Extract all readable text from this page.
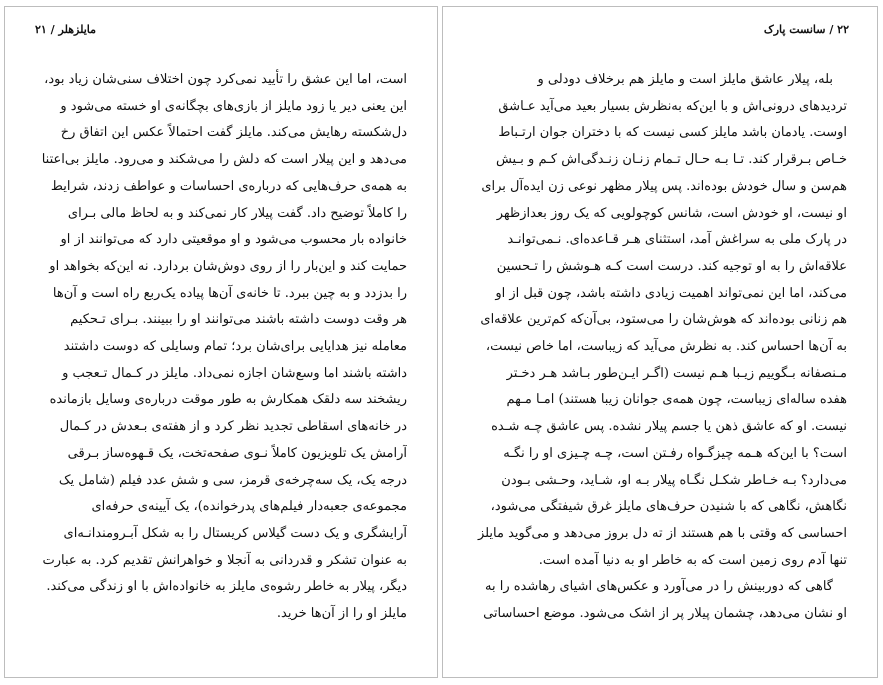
مایلزهلر / ۲۱
است، اما این عشق را تأیید نمی‌کرد چون اختلاف سنی‌شان زیاد بود،
این یعنی دیر یا زود مایلز از بازی‌های بچگانه‌ی او خسته می‌شود و
دل‌شکسته رهایش می‌کند. مایلز گفت احتمالاً عکس این اتفاق رخ
می‌دهد و این پیلار است که دلش را می‌شکند و می‌رود. مایلز بی‌اعتنا
به همه‌ی حرف‌هایی که درباره‌ی احساسات و عواطف زدند، شرایط
را کاملاً توضیح داد. گفت پیلار کار نمی‌کند و به لحاظ مالی بـرای
خانواده بار محسوب می‌شود و او موقعیتی دارد که می‌توانند از او
حمایت کند و این‌بار را از روی دوش‌شان بردارد. نه این‌که بخواهد او
را بدزدد و به چین ببرد. تا خانه‌ی آن‌ها پیاده یک‌ربع راه است و آن‌ها
هر وقت دوست داشته باشند می‌توانند او را ببینند. بـرای تـحکیم
معامله نیز هدایایی برای‌شان برد؛ تمام وسایلی که دوست داشتند
داشته باشند اما وسع‌شان اجازه نمی‌داد. مایلز در کـمال تـعجب و
ریشخند سه دلقک همکارش به طور موقت درباره‌ی وسایل بازمانده
در خانه‌های اسقاطی تجدید نظر کرد و از هفته‌ی بـعدش در کـمال
آرامش یک تلویزیون کاملاً نـوی صفحه‌تخت، یک قـهوه‌ساز بـرقی
درجه یک، یک سه‌چرخه‌ی قرمز، سی و شش عدد فیلم (شامل یک
مجموعه‌ی جعبه‌دار فیلم‌های پدرخوانده)، یک آیینه‌ی حرفه‌ای
آرایشگری و یک دست گیلاس کریستال را به شکل آبـرومندانـه‌ای
به عنوان تشکر و قدردانی به آنجلا و خواهرانش تقدیم کرد. به عبارت
دیگر، پیلار به خاطر رشوه‌ی مایلز به خانواده‌اش با او زندگی می‌کند.
مایلز او را از آن‌ها خرید.
۲۲ / سانست پارک
بله، پیلار عاشق مایلز است و مایلز هم برخلاف دودلی و
تردیدهای درونی‌اش و با این‌که به‌نظرش بسیار بعید می‌آید عـاشق
اوست. یادمان باشد مایلز کسی نیست که با دختران جوان ارتـباط
خـاص بـرقرار کند. تـا بـه حـال تـمام زنـان زنـدگی‌اش کـم و بـیش
هم‌سن و سال خودش بوده‌اند. پس پیلار مظهر نوعی زن ایده‌آل برای
او نیست، او خودش است، شانس کوچولویی که یک روز بعدازظهر
در پارک ملی به سراغش آمد، استثنای هـر قـاعده‌ای. نـمی‌توانـد
علاقه‌اش را به او توجیه کند. درست است کـه هـوشش را تـحسین
می‌کند، اما این نمی‌تواند اهمیت زیادی داشته باشد، چون قبل از او
هم زنانی بوده‌اند که هوش‌شان را می‌ستود، بی‌آن‌که کم‌ترین علاقه‌ای
به آن‌ها احساس کند. به نظرش می‌آید که زیباست، اما خاص نیست،
مـنصفانه بـگوییم زیـبا هـم نیست (اگـر ایـن‌طور بـاشد هـر دخـتر
هفده ساله‌ای زیباست، چون همه‌ی جوانان زیبا هستند) امـا مـهم
نیست. او که عاشق ذهن یا جسم پیلار نشده. پس عاشق چـه شـده
است؟ با این‌که هـمه چیزگـواه رفـتن است، چـه چـیزی او را نگـه
می‌دارد؟ بـه خـاطر شکـل نگـاه پیلار بـه او، شـاید، وحـشی بـودن
نگاهش، نگاهی که با شنیدن حرف‌های مایلز غرق شیفتگی می‌شود،
احساسی که وقتی با هم هستند از ته دل بروز می‌دهد و می‌گوید مایلز
تنها آدم روی زمین است که به خاطر او به دنیا آمده است.
گاهی که دوربینش را در می‌آورد و عکس‌های اشیای رهاشده را به
او نشان می‌دهد، چشمان پیلار پر از اشک می‌شود. موضع احساساتی
